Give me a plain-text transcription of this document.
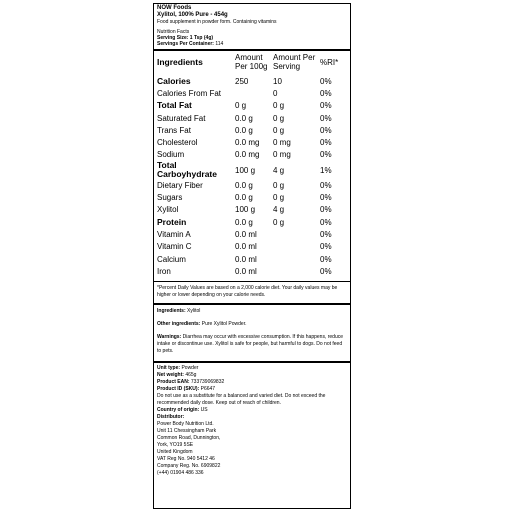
NOW Foods
Xylitol, 100% Pure - 454g
Food supplement in powder form. Containing vitamins
Nutrition Facts
Serving Size: 1 Tsp (4g)
Servings Per Container: 114
Ingredients	Amount Per 100g	Amount Per Serving	%RI*
Calories	250	10	0%
Calories From Fat		0	0%
Total Fat	0 g	0 g	0%
Saturated Fat	0.0 g	0 g	0%
Trans Fat	0.0 g	0 g	0%
Cholesterol	0.0 mg	0 mg	0%
Sodium	0.0 mg	0 mg	0%
Total Carboyhydrate	100 g	4 g	1%
Dietary Fiber	0.0 g	0 g	0%
Sugars	0.0 g	0 g	0%
Xylitol	100 g	4 g	0%
Protein	0.0 g	0 g	0%
Vitamin A	0.0 ml		0%
Vitamin C	0.0 ml		0%
Calcium	0.0 ml		0%
Iron	0.0 ml		0%
*Percent Daily Values are based on a 2,000 calorie diet. Your daily values may be higher or lower depending on your calorie needs.
Ingredients: Xylitol
Other ingredients: Pure Xylitol Powder.
Warnings: Diarrhea may occur with excessive consumption. If this happens, reduce intake or discontinue use. Xylitol is safe for people, but harmful to dogs. Do not feed to pets.
Unit type: Powder
Net weight: 465g
Product EAN: 733739069832
Product ID (SKU): P6647
Do not use as a substitute for a balanced and varied diet. Do not exceed the recommended daily dose. Keep out of reach of children.
Country of origin: US
Distributor:
Power Body Nutrition Ltd.
Unit 11 Chessingham Park
Common Road, Dunnington,
York, YO19 5SE
United Kingdom
VAT Reg No. 940 5412 46
Company Reg. No. 6909822
(+44) 01904 486 336
